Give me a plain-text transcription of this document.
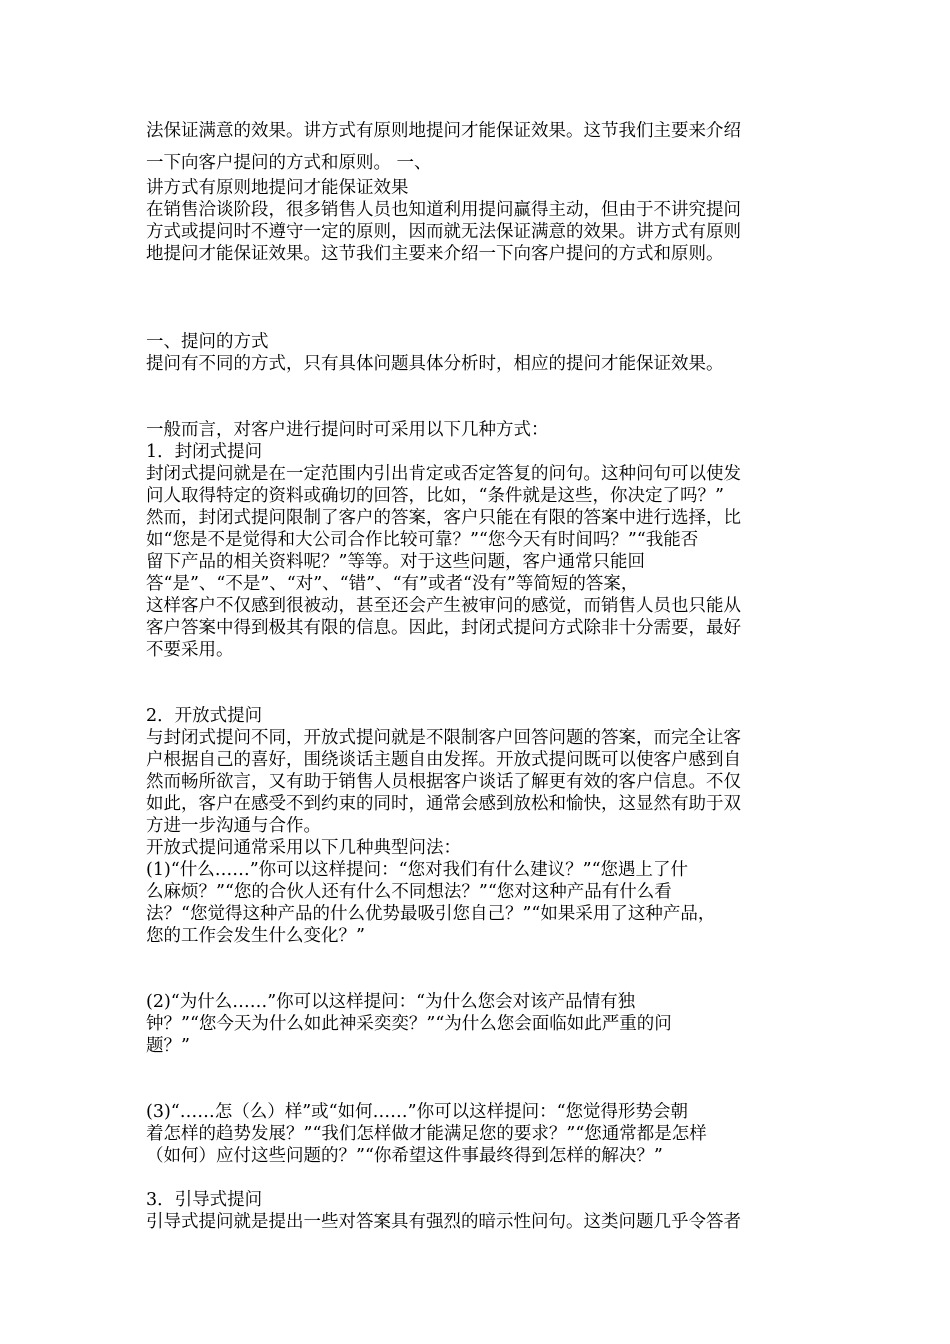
法保证满意的效果。讲方式有原则地提问才能保证效果。这节我们主要来介绍

一下向客户提问的方式和原则。 一、

讲方式有原则地提问才能保证效果

在销售洽谈阶段，很多销售人员也知道利用提问赢得主动，但由于不讲究提问

方式或提问时不遵守一定的原则，因而就无法保证满意的效果。讲方式有原则

地提问才能保证效果。这节我们主要来介绍一下向客户提问的方式和原则。

一、提问的方式

提问有不同的方式，只有具体问题具体分析时，相应的提问才能保证效果。

一般而言，对客户进行提问时可采用以下几种方式：

1．封闭式提问

封闭式提问就是在一定范围内引出肯定或否定答复的问句。这种问句可以使发

问人取得特定的资料或确切的回答，比如，“条件就是这些，你决定了吗？”

然而，封闭式提问限制了客户的答案，客户只能在有限的答案中进行选择，比

如“您是不是觉得和大公司合作比较可靠？”“您今天有时间吗？”“我能否

留下产品的相关资料呢？”等等。对于这些问题，客户通常只能回

答“是”、“不是”、“对”、“错”、“有”或者“没有”等简短的答案，

这样客户不仅感到很被动，甚至还会产生被审问的感觉，而销售人员也只能从

客户答案中得到极其有限的信息。因此，封闭式提问方式除非十分需要，最好

不要采用。

2．开放式提问

与封闭式提问不同，开放式提问就是不限制客户回答问题的答案，而完全让客

户根据自己的喜好，围绕谈话主题自由发挥。开放式提问既可以使客户感到自

然而畅所欲言，又有助于销售人员根据客户谈话了解更有效的客户信息。不仅

如此，客户在感受不到约束的同时，通常会感到放松和愉快，这显然有助于双

方进一步沟通与合作。

开放式提问通常采用以下几种典型问法：

(1)“什么……”你可以这样提问：“您对我们有什么建议？”“您遇上了什

么麻烦？”“您的合伙人还有什么不同想法？”“您对这种产品有什么看

法？“您觉得这种产品的什么优势最吸引您自己？”“如果采用了这种产品，

您的工作会发生什么变化？”

(2)“为什么……”你可以这样提问：“为什么您会对该产品情有独

钟？”“您今天为什么如此神采奕奕？”“为什么您会面临如此严重的问

题？”

(3)“……怎（么）样”或“如何……”你可以这样提问：“您觉得形势会朝

着怎样的趋势发展？”“我们怎样做才能满足您的要求？”“您通常都是怎样

（如何）应付这些问题的？”“你希望这件事最终得到怎样的解决？”

3．引导式提问

引导式提问就是提出一些对答案具有强烈的暗示性问句。这类问题几乎令答者
